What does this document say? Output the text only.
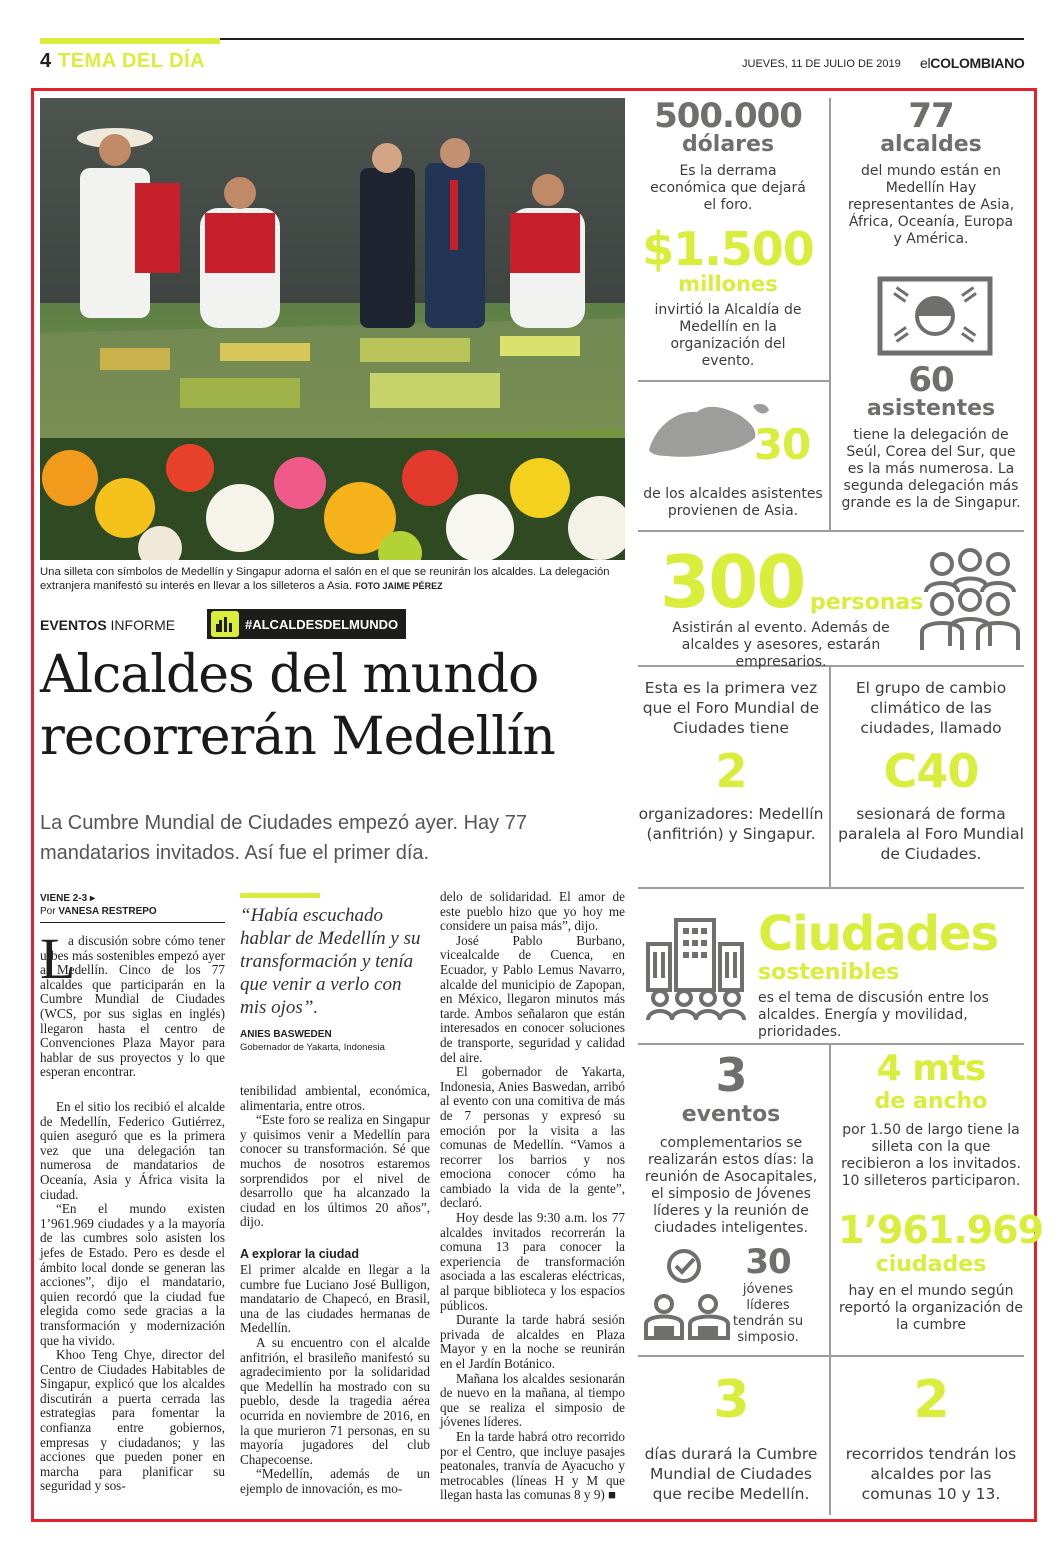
4 TEMA DEL DÍA	JUEVES, 11 DE JULIO DE 2019 elCOLOMBIANO
Una silleta con símbolos de Medellín y Singapur adorna el salón en el que se reunirán los alcaldes. La delegación extranjera manifestó su interés en llevar a los silleteros a Asia. FOTO JAIME PÉREZ
EVENTOS INFORME	#ALCALDESDELMUNDO
Alcaldes del mundo
recorrerán Medellín
La Cumbre Mundial de Ciudades empezó ayer. Hay 77 mandatarios invitados. Así fue el primer día.
VIENE 2-3 ▸
Por VANESA RESTREPO
L
a discusión sobre cómo tener urbes más sostenibles empezó ayer a Medellín. Cinco de los 77 alcaldes que participarán en la Cumbre Mundial de Ciudades (WCS, por sus siglas en inglés) llegaron hasta el centro de Convenciones Plaza Mayor para hablar de sus proyectos y lo que esperan encontrar.

En el sitio los recibió el alcalde de Medellín, Federico Gutiérrez, quien aseguró que es la primera vez que una delegación tan numerosa de mandatarios de Oceanía, Asia y África visita la ciudad.

“En el mundo existen 1’961.969 ciudades y a la mayoría de las cumbres solo asisten los jefes de Estado. Pero es desde el ámbito local donde se generan las acciones”, dijo el mandatario, quien recordó que la ciudad fue elegida como sede gracias a la transformación y modernización que ha vivido.

Khoo Teng Chye, director del Centro de Ciudades Habitables de Singapur, explicó que los alcaldes discutirán a puerta cerrada las estrategias para fomentar la confianza entre gobiernos, empresas y ciudadanos; y las acciones que pueden poner en marcha para planificar su seguridad y sos-

“Había escuchado hablar de Medellín y su transformación y tenía que venir a verlo con mis ojos”.
ANIES BASWEDEN
Gobernador de Yakarta, Indonesia
tenibilidad ambiental, económica, alimentaria, entre otros.

“Este foro se realiza en Singapur y quisimos venir a Medellín para conocer su transformación. Sé que muchos de nosotros estaremos sorprendidos por el nivel de desarrollo que ha alcanzado la ciudad en los últimos 20 años”, dijo.

A explorar la ciudad
El primer alcalde en llegar a la cumbre fue Luciano José Bulligon, mandatario de Chapecó, en Brasil, una de las ciudades hermanas de Medellín.

A su encuentro con el alcalde anfitrión, el brasileño manifestó su agradecimiento por la solidaridad que Medellín ha mostrado con su pueblo, desde la tragedia aérea ocurrida en noviembre de 2016, en la que murieron 71 personas, en su mayoría jugadores del club Chapecoense.

“Medellín, además de un ejemplo de innovación, es mo-

delo de solidaridad. El amor de este pueblo hizo que yo hoy me considere un paisa más”, dijo.

José Pablo Burbano, vicealcalde de Cuenca, en Ecuador, y Pablo Lemus Navarro, alcalde del municipio de Zapopan, en México, llegaron minutos más tarde. Ambos señalaron que están interesados en conocer soluciones de transporte, seguridad y calidad del aire.

El gobernador de Yakarta, Indonesia, Anies Baswedan, arribó al evento con una comitiva de más de 7 personas y expresó su emoción por la visita a las comunas de Medellín. “Vamos a recorrer los barrios y nos emociona conocer cómo ha cambiado la vida de la gente”, declaró.

Hoy desde las 9:30 a.m. los 77 alcaldes invitados recorrerán la comuna 13 para conocer la experiencia de transformación asociada a las escaleras eléctricas, al parque biblioteca y los espacios públicos.

Durante la tarde habrá sesión privada de alcaldes en Plaza Mayor y en la noche se reunirán en el Jardín Botánico.

Mañana los alcaldes sesionarán de nuevo en la mañana, al tiempo que se realiza el simposio de jóvenes líderes.

En la tarde habrá otro recorrido por el Centro, que incluye pasajes peatonales, tranvía de Ayacucho y metrocables (líneas H y M que llegan hasta las comunas 8 y 9) ■

500.000
dólares
Es la derrama económica que dejará el foro.
$1.500
millones
invirtió la Alcaldía de Medellín en la organización del evento.
30
de los alcaldes asistentes provienen de Asia.
77
alcaldes
del mundo están en Medellín Hay representantes de Asia, África, Oceanía, Europa y América.
60
asistentes
tiene la delegación de Seúl, Corea del Sur, que es la más numerosa. La segunda delegación más grande es la de Singapur.
300 personas
Asistirán al evento. Además de alcaldes y asesores, estarán empresarios.
Esta es la primera vez que el Foro Mundial de Ciudades tiene
2
organizadores: Medellín (anfitrión) y Singapur.
El grupo de cambio climático de las ciudades, llamado
C40
sesionará de forma paralela al Foro Mundial de Ciudades.
Ciudades
sostenibles
es el tema de discusión entre los alcaldes. Energía y movilidad, prioridades.
3
eventos
complementarios se realizarán estos días: la reunión de Asocapitales, el simposio de Jóvenes líderes y la reunión de ciudades inteligentes.
30
jóvenes líderes tendrán su simposio.
4 mts
de ancho
por 1.50 de largo tiene la silleta con la que recibieron a los invitados. 10 silleteros participaron.
1’961.969
ciudades
hay en el mundo según reportó la organización de la cumbre
3
días durará la Cumbre Mundial de Ciudades que recibe Medellín.
2
recorridos tendrán los alcaldes por las comunas 10 y 13.
